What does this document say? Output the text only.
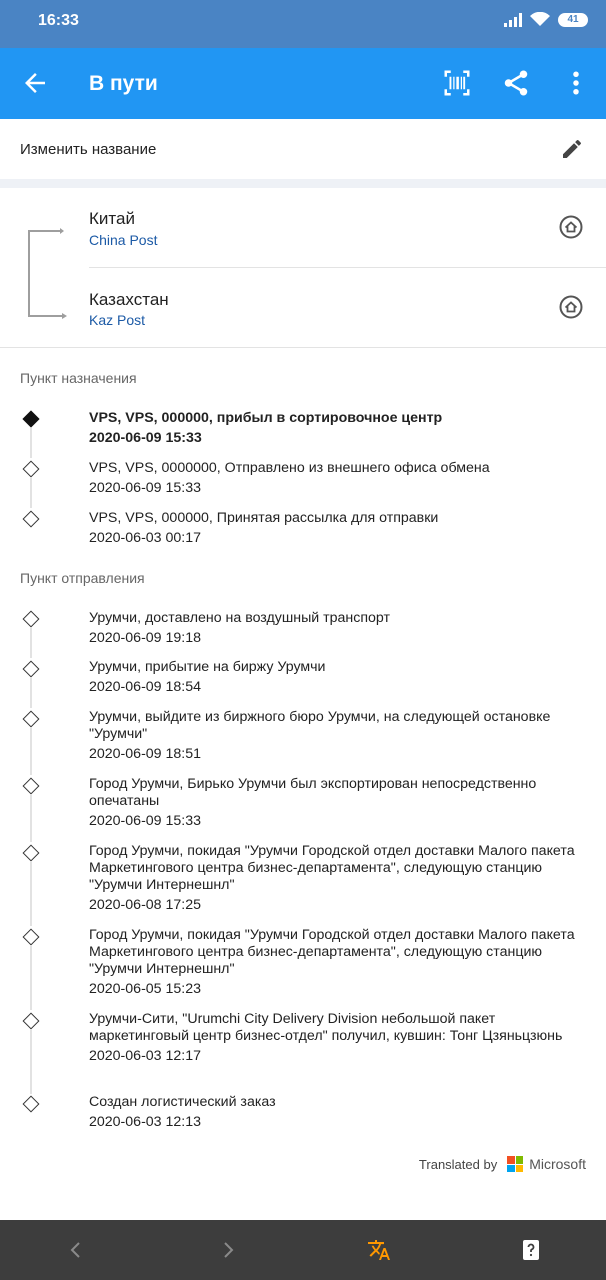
16:33	41
В пути
Изменить название
Китай
China Post
Казахстан
Kaz Post
Пункт назначения
VPS, VPS, 000000, прибыл в сортировочное центр
2020-06-09 15:33
VPS, VPS, 0000000, Отправлено из внешнего офиса обмена
2020-06-09 15:33
VPS, VPS, 000000, Принятая рассылка для отправки
2020-06-03 00:17
Пункт отправления
Урумчи, доставлено на воздушный транспорт
2020-06-09 19:18
Урумчи, прибытие на биржу Урумчи
2020-06-09 18:54
Урумчи, выйдите из биржного бюро Урумчи, на следующей остановке "Урумчи"
2020-06-09 18:51
Город Урумчи, Бирько Урумчи был экспортирован непосредственно опечатаны
2020-06-09 15:33
Город Урумчи, покидая "Урумчи Городской отдел доставки Малого пакета Маркетингового центра бизнес-департамента", следующую станцию "Урумчи Интернешнл"
2020-06-08 17:25
Город Урумчи, покидая "Урумчи Городской отдел доставки Малого пакета Маркетингового центра бизнес-департамента", следующую станцию "Урумчи Интернешнл"
2020-06-05 15:23
Урумчи-Сити, "Urumchi City Delivery Division небольшой пакет маркетинговый центр бизнес-отдел" получил, кувшин: Тонг Цзяньцзюнь
2020-06-03 12:17
Создан логистический заказ
2020-06-03 12:13
Translated by Microsoft
